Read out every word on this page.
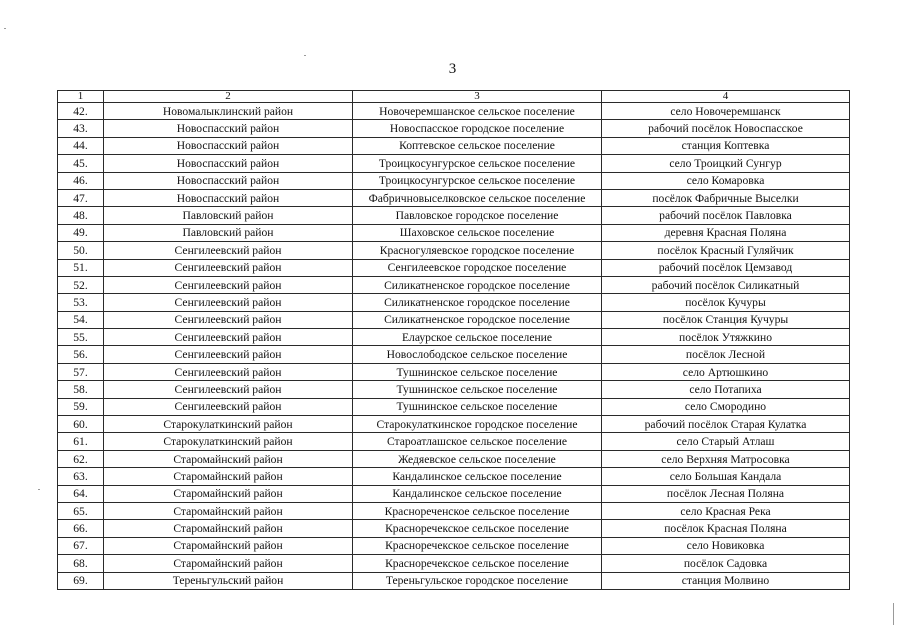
3
1	2	3	4
42.	Новомалыклинский район	Новочеремшанское сельское поселение	село Новочеремшанск
43.	Новоспасский район	Новоспасское городское поселение	рабочий посёлок Новоспасское
44.	Новоспасский район	Коптевское сельское поселение	станция Коптевка
45.	Новоспасский район	Троицкосунгурское сельское поселение	село Троицкий Сунгур
46.	Новоспасский район	Троицкосунгурское сельское поселение	село Комаровка
47.	Новоспасский район	Фабричновыселковское сельское поселение	посёлок Фабричные Выселки
48.	Павловский район	Павловское городское поселение	рабочий посёлок Павловка
49.	Павловский район	Шаховское сельское поселение	деревня Красная Поляна
50.	Сенгилеевский район	Красногуляевское городское поселение	посёлок Красный Гуляйчик
51.	Сенгилеевский район	Сенгилеевское городское поселение	рабочий посёлок Цемзавод
52.	Сенгилеевский район	Силикатненское городское поселение	рабочий посёлок Силикатный
53.	Сенгилеевский район	Силикатненское городское поселение	посёлок Кучуры
54.	Сенгилеевский район	Силикатненское городское поселение	посёлок Станция Кучуры
55.	Сенгилеевский район	Елаурское сельское поселение	посёлок Утяжкино
56.	Сенгилеевский район	Новослободское сельское поселение	посёлок Лесной
57.	Сенгилеевский район	Тушнинское сельское поселение	село Артюшкино
58.	Сенгилеевский район	Тушнинское сельское поселение	село Потапиха
59.	Сенгилеевский район	Тушнинское сельское поселение	село Смородино
60.	Старокулаткинский район	Старокулаткинское городское поселение	рабочий посёлок Старая Кулатка
61.	Старокулаткинский район	Староатлашское сельское поселение	село Старый Атлаш
62.	Старомайнский район	Жедяевское сельское поселение	село Верхняя Матросовка
63.	Старомайнский район	Кандалинское сельское поселение	село Большая Кандала
64.	Старомайнский район	Кандалинское сельское поселение	посёлок Лесная Поляна
65.	Старомайнский район	Краснореченское сельское поселение	село Красная Река
66.	Старомайнский район	Красноречекское сельское поселение	посёлок Красная Поляна
67.	Старомайнский район	Красноречекское сельское поселение	село Новиковка
68.	Старомайнский район	Красноречекское сельское поселение	посёлок Садовка
69.	Тереньгульский район	Тереньгульское городское поселение	станция Молвино
